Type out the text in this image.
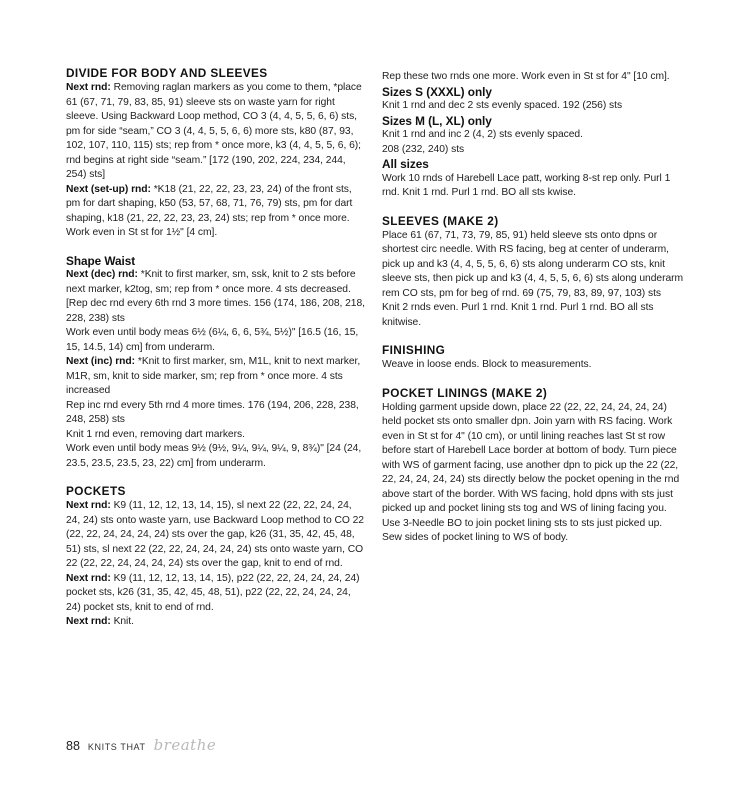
DIVIDE FOR BODY AND SLEEVES

Next rnd: Removing raglan markers as you come to them, *place 61 (67, 71, 79, 83, 85, 91) sleeve sts on waste yarn for right sleeve. Using Backward Loop method, CO 3 (4, 4, 5, 5, 6, 6) sts, pm for side “seam,” CO 3 (4, 4, 5, 5, 6, 6) more sts, k80 (87, 93, 102, 107, 110, 115) sts; rep from * once more, k3 (4, 4, 5, 5, 6, 6); rnd begins at right side “seam.” [172 (190, 202, 224, 234, 244, 254) sts]

Next (set-up) rnd: *K18 (21, 22, 22, 23, 23, 24) of the front sts, pm for dart shaping, k50 (53, 57, 68, 71, 76, 79) sts, pm for dart shaping, k18 (21, 22, 22, 23, 23, 24) sts; rep from * once more. Work even in St st for 1½" [4 cm].

Shape Waist

Next (dec) rnd: *Knit to first marker, sm, ssk, knit to 2 sts before next marker, k2tog, sm; rep from * once more. 4 sts decreased.

[Rep dec rnd every 6th rnd 3 more times. 156 (174, 186, 208, 218, 228, 238) sts

Work even until body meas 6½ (6¼, 6, 6, 5¾, 5½)" [16.5 (16, 15, 15, 14.5, 14) cm] from underarm.

Next (inc) rnd: *Knit to first marker, sm, M1L, knit to next marker, M1R, sm, knit to side marker, sm; rep from * once more. 4 sts increased

Rep inc rnd every 5th rnd 4 more times. 176 (194, 206, 228, 238, 248, 258) sts

Knit 1 rnd even, removing dart markers.

Work even until body meas 9½ (9½, 9¼, 9¼, 9¼, 9, 8¾)" [24 (24, 23.5, 23.5, 23.5, 23, 22) cm] from underarm.

POCKETS

Next rnd: K9 (11, 12, 12, 13, 14, 15), sl next 22 (22, 22, 24, 24, 24, 24) sts onto waste yarn, use Backward Loop method to CO 22 (22, 22, 24, 24, 24, 24) sts over the gap, k26 (31, 35, 42, 45, 48, 51) sts, sl next 22 (22, 22, 24, 24, 24, 24) sts onto waste yarn, CO 22 (22, 22, 24, 24, 24, 24) sts over the gap, knit to end of rnd.

Next rnd: K9 (11, 12, 12, 13, 14, 15), p22 (22, 22, 24, 24, 24, 24) pocket sts, k26 (31, 35, 42, 45, 48, 51), p22 (22, 22, 24, 24, 24, 24) pocket sts, knit to end of rnd.

Next rnd: Knit.

Rep these two rnds one more. Work even in St st for 4" [10 cm].

Sizes S (XXXL) only

Knit 1 rnd and dec 2 sts evenly spaced. 192 (256) sts

Sizes M (L, XL) only

Knit 1 rnd and inc 2 (4, 2) sts evenly spaced.

208 (232, 240) sts

All sizes

Work 10 rnds of Harebell Lace patt, working 8-st rep only. Purl 1 rnd. Knit 1 rnd. Purl 1 rnd. BO all sts kwise.

SLEEVES (MAKE 2)

Place 61 (67, 71, 73, 79, 85, 91) held sleeve sts onto dpns or shortest circ needle. With RS facing, beg at center of underarm, pick up and k3 (4, 4, 5, 5, 6, 6) sts along underarm CO sts, knit sleeve sts, then pick up and k3 (4, 4, 5, 5, 6, 6) sts along underarm rem CO sts, pm for beg of rnd. 69 (75, 79, 83, 89, 97, 103) sts

Knit 2 rnds even. Purl 1 rnd. Knit 1 rnd. Purl 1 rnd. BO all sts knitwise.

FINISHING

Weave in loose ends. Block to measurements.

POCKET LININGS (MAKE 2)

Holding garment upside down, place 22 (22, 22, 24, 24, 24, 24) held pocket sts onto smaller dpn. Join yarn with RS facing. Work even in St st for 4" (10 cm), or until lining reaches last St st row before start of Harebell Lace border at bottom of body. Turn piece with WS of garment facing, use another dpn to pick up the 22 (22, 22, 24, 24, 24, 24) sts directly below the pocket opening in the rnd above start of the border. With WS facing, hold dpns with sts just picked up and pocket lining sts tog and WS of lining facing you. Use 3-Needle BO to join pocket lining sts to sts just picked up. Sew sides of pocket lining to WS of body.

88 KNITS THAT breathe
